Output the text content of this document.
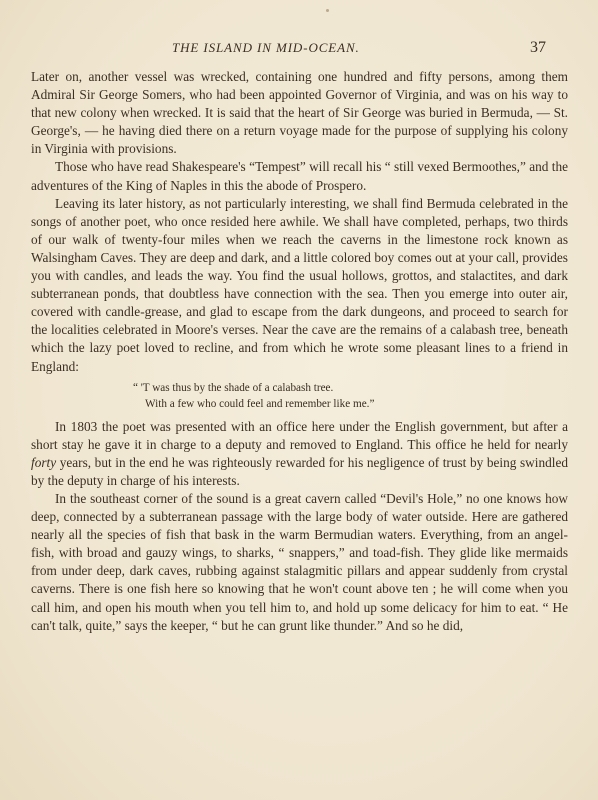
THE ISLAND IN MID-OCEAN.	37

Later on, another vessel was wrecked, containing one hundred and fifty persons, among them Admiral Sir George Somers, who had been appointed Governor of Virginia, and was on his way to that new colony when wrecked. It is said that the heart of Sir George was buried in Bermuda, — St. George's, — he having died there on a return voyage made for the purpose of supplying his colony in Virginia with provisions.

Those who have read Shakespeare's “Tempest” will recall his “ still vexed Bermoothes,” and the adventures of the King of Naples in this the abode of Prospero.

Leaving its later history, as not particularly interesting, we shall find Bermuda celebrated in the songs of another poet, who once resided here awhile. We shall have completed, perhaps, two thirds of our walk of twenty-four miles when we reach the caverns in the limestone rock known as Walsingham Caves. They are deep and dark, and a little colored boy comes out at your call, provides you with candles, and leads the way. You find the usual hollows, grottos, and stalactites, and dark subterranean ponds, that doubtless have connection with the sea. Then you emerge into outer air, covered with candle-grease, and glad to escape from the dark dungeons, and proceed to search for the localities celebrated in Moore's verses. Near the cave are the remains of a calabash tree, beneath which the lazy poet loved to recline, and from which he wrote some pleasant lines to a friend in England:

“ 'T was thus by the shade of a calabash tree.
With a few who could feel and remember like me.”

In 1803 the poet was presented with an office here under the English government, but after a short stay he gave it in charge to a deputy and removed to England. This office he held for nearly forty years, but in the end he was righteously rewarded for his negligence of trust by being swindled by the deputy in charge of his interests.

In the southeast corner of the sound is a great cavern called “Devil's Hole,” no one knows how deep, connected by a subterranean passage with the large body of water outside. Here are gathered nearly all the species of fish that bask in the warm Bermudian waters. Everything, from an angel-fish, with broad and gauzy wings, to sharks, “ snappers,” and toad-fish. They glide like mermaids from under deep, dark caves, rubbing against stalagmitic pillars and appear suddenly from crystal caverns. There is one fish here so knowing that he won't count above ten ; he will come when you call him, and open his mouth when you tell him to, and hold up some delicacy for him to eat. “ He can't talk, quite,” says the keeper, “ but he can grunt like thunder.” And so he did,
